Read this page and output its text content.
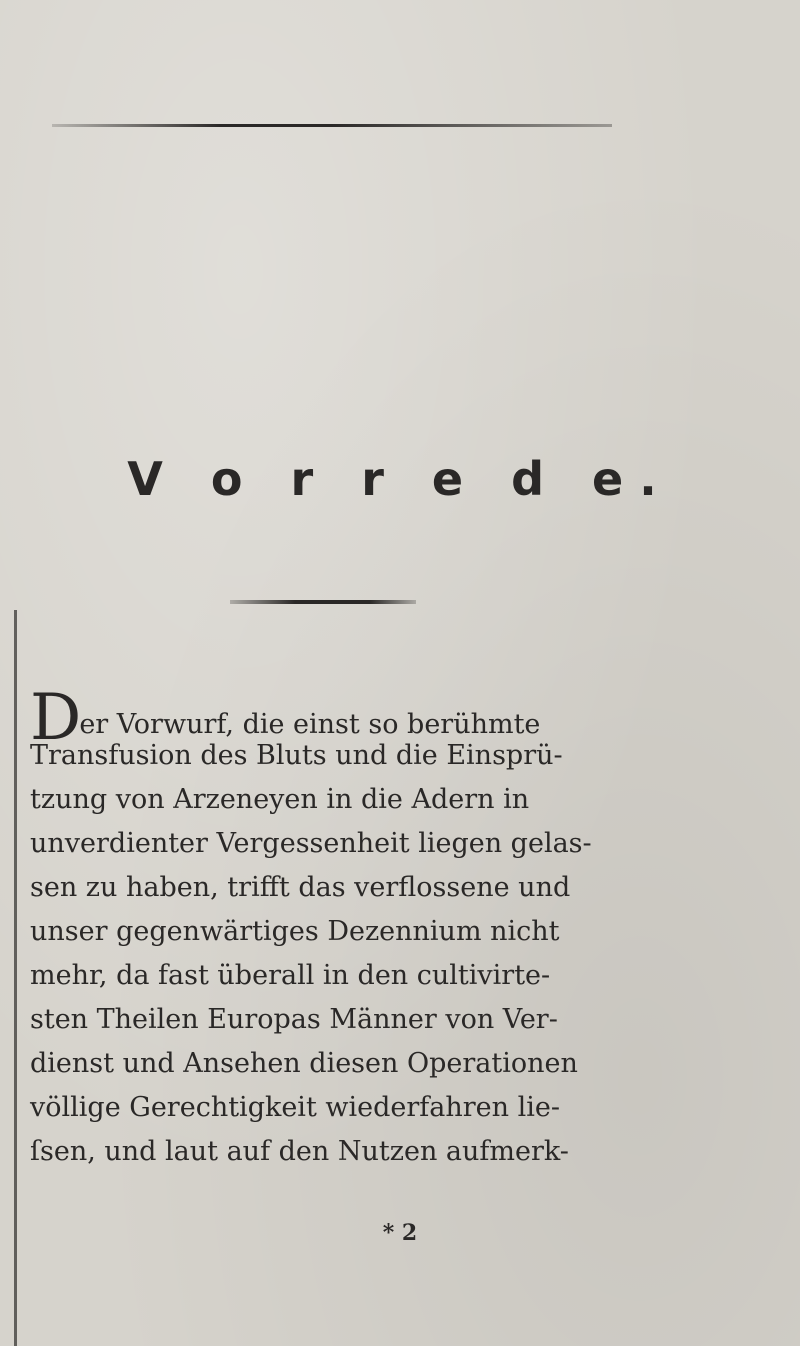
V o r r e d e.
Der Vorwurf, die einst so berühmte
Transfusion des Bluts und die Einsprü-
tzung von Arzeneyen in die Adern in
unverdienter Vergessenheit liegen gelas-
sen zu haben, trifft das verflossene und
unser gegenwärtiges Dezennium nicht
mehr, da fast überall in den cultivirte-
sten Theilen Europas Männer von Ver-
dienst und Ansehen diesen Operationen
völlige Gerechtigkeit wiederfahren lie-
ſsen, und laut auf den Nutzen aufmerk-
* 2
